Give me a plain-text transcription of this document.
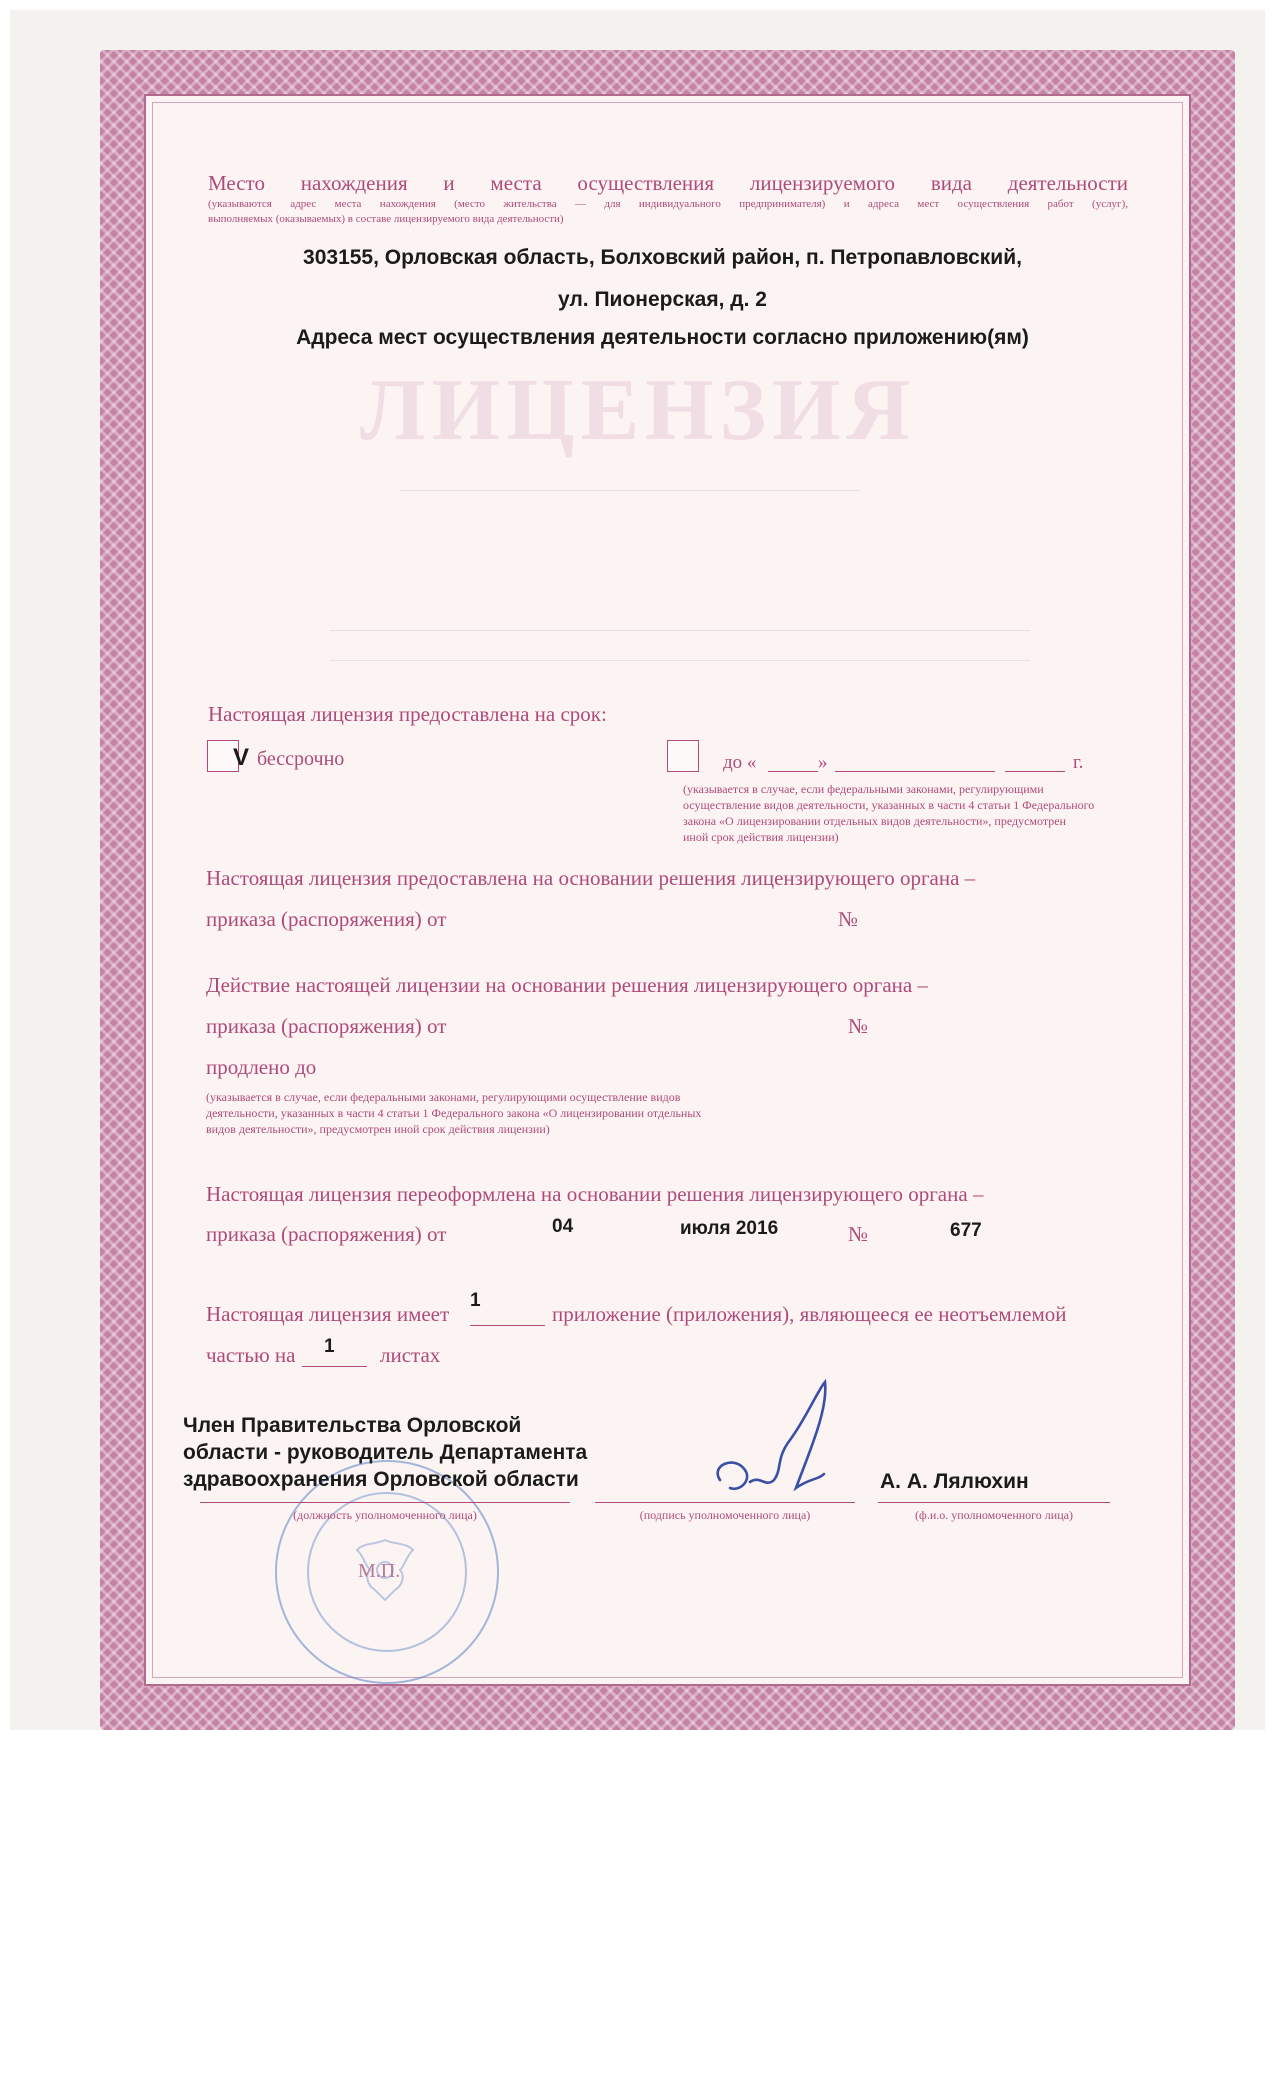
ЛИЦЕНЗИЯ
Место нахождения и места осуществления лицензируемого вида деятельности
(указываются адрес места нахождения (место жительства — для индивидуального предпринимателя) и адреса мест осуществления работ (услуг),
выполняемых (оказываемых) в составе лицензируемого вида деятельности)
303155, Орловская область, Болховский район, п. Петропавловский,
ул. Пионерская, д. 2
Адреса мест осуществления деятельности согласно приложению(ям)
Настоящая лицензия предоставлена на срок:
V бессрочно	до «	»	г.
(указывается в случае, если федеральными законами, регулирующими
осуществление видов деятельности, указанных в части 4 статьи 1 Федерального
закона «О лицензировании отдельных видов деятельности», предусмотрен
иной срок действия лицензии)
Настоящая лицензия предоставлена на основании решения лицензирующего органа –
приказа (распоряжения) от	№
Действие настоящей лицензии на основании решения лицензирующего органа –
приказа (распоряжения) от	№
продлено до
(указывается в случае, если федеральными законами, регулирующими осуществление видов
деятельности, указанных в части 4 статьи 1 Федерального закона «О лицензировании отдельных
видов деятельности», предусмотрен иной срок действия лицензии)
Настоящая лицензия переоформлена на основании решения лицензирующего органа –
приказа (распоряжения) от	04	июля 2016	№	677
Настоящая лицензия имеет
1
приложение (приложения), являющееся ее неотъемлемой
частью на 1 листах
М.П.
Член Правительства Орловской
области - руководитель Департамента
здравоохранения Орловской области	А. А. Лялюхин
(должность уполномоченного лица)	(подпись уполномоченного лица)	(ф.и.о. уполномоченного лица)
